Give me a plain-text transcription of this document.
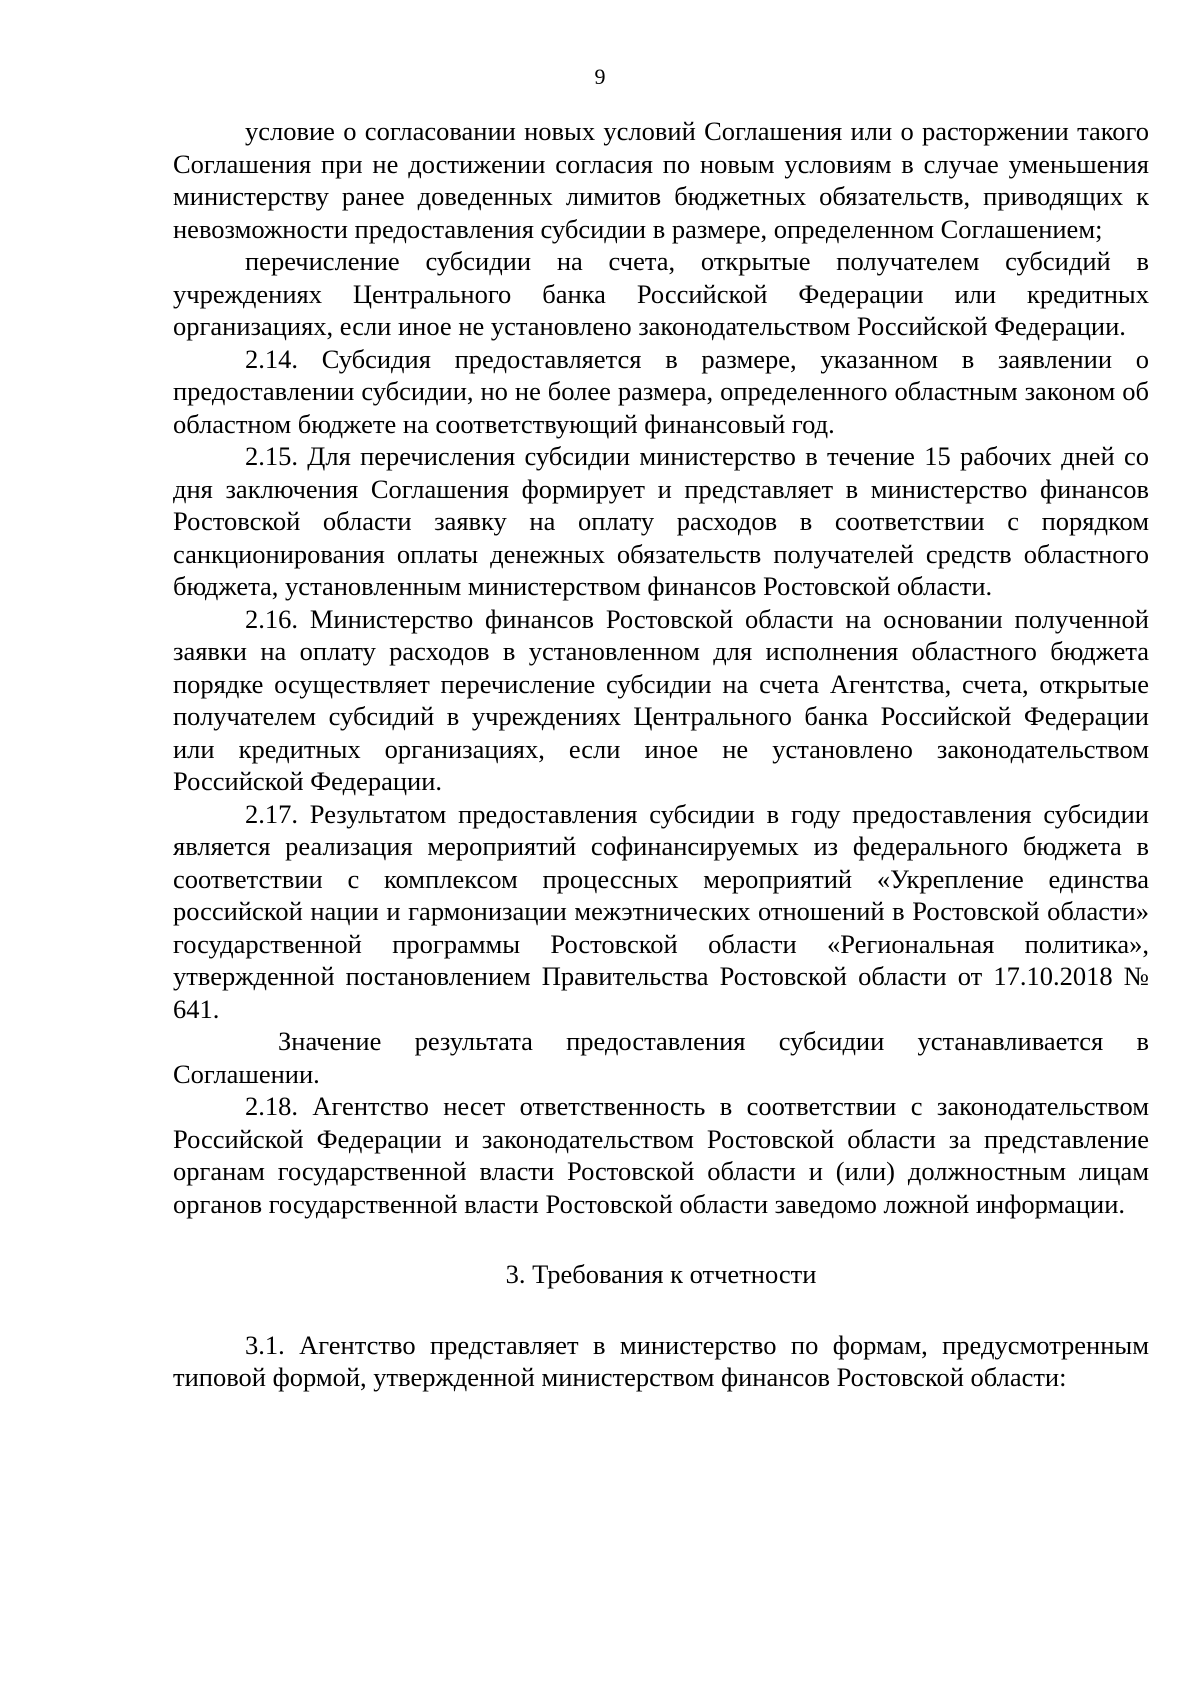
9

условие о согласовании новых условий Соглашения или о расторжении такого Соглашения при не достижении согласия по новым условиям в случае уменьшения министерству ранее доведенных лимитов бюджетных обязательств, приводящих к невозможности предоставления субсидии в размере, определенном Соглашением;

перечисление субсидии на счета, открытые получателем субсидий в учреждениях Центрального банка Российской Федерации или кредитных организациях, если иное не установлено законодательством Российской Федерации.

2.14. Субсидия предоставляется в размере, указанном в заявлении о предоставлении субсидии, но не более размера, определенного областным законом об областном бюджете на соответствующий финансовый год.

2.15. Для перечисления субсидии министерство в течение 15 рабочих дней со дня заключения Соглашения формирует и представляет в министерство финансов Ростовской области заявку на оплату расходов в соответствии с порядком санкционирования оплаты денежных обязательств получателей средств областного бюджета, установленным министерством финансов Ростовской области.

2.16. Министерство финансов Ростовской области на основании полученной заявки на оплату расходов в установленном для исполнения областного бюджета порядке осуществляет перечисление субсидии на счета Агентства, счета, открытые получателем субсидий в учреждениях Центрального банка Российской Федерации или кредитных организациях, если иное не установлено законодательством Российской Федерации.

2.17. Результатом предоставления субсидии в году предоставления субсидии является реализация мероприятий софинансируемых из федерального бюджета в соответствии с комплексом процессных мероприятий «Укрепление единства российской нации и гармонизации межэтнических отношений в Ростовской области» государственной программы Ростовской области «Региональная политика», утвержденной постановлением Правительства Ростовской области от 17.10.2018 № 641.

Значение результата предоставления субсидии устанавливается в Соглашении.

2.18. Агентство несет ответственность в соответствии с законодательством Российской Федерации и законодательством Ростовской области за представление органам государственной власти Ростовской области и (или) должностным лицам органов государственной власти Ростовской области заведомо ложной информации.

3. Требования к отчетности

3.1. Агентство представляет в министерство по формам, предусмотренным типовой формой, утвержденной министерством финансов Ростовской области:
